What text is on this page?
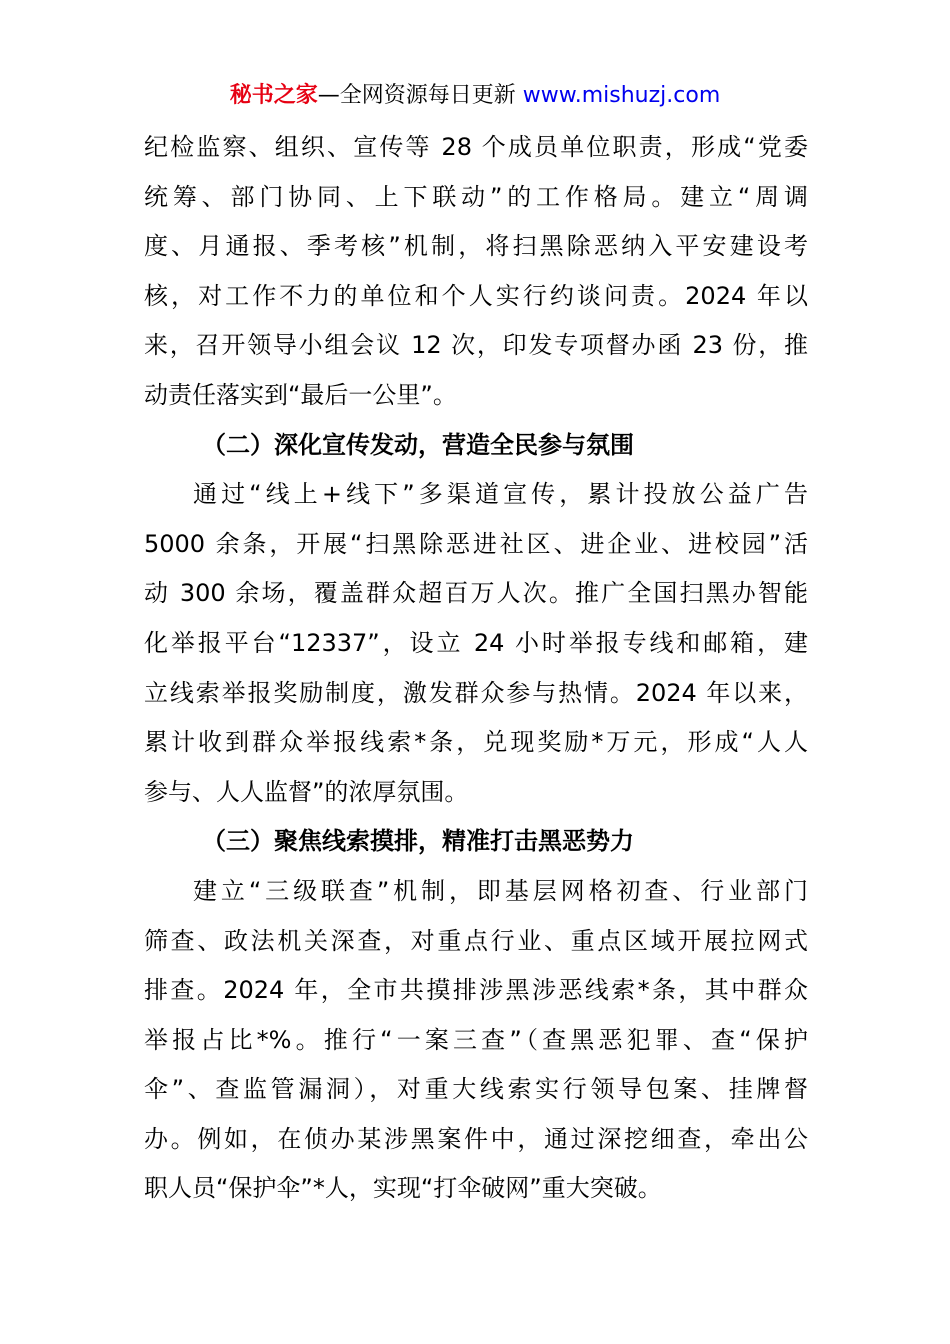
秘书之家—全网资源每日更新 www.mishuzj.com
纪检监察、组织、宣传等 28 个成员单位职责，形成“党委
统筹、部门协同、上下联动”的工作格局。建立“周调
度、月通报、季考核”机制，将扫黑除恶纳入平安建设考
核，对工作不力的单位和个人实行约谈问责。2024 年以
来，召开领导小组会议 12 次，印发专项督办函 23 份，推
动责任落实到“最后一公里”。
（二）深化宣传发动，营造全民参与氛围
通过“线上+线下”多渠道宣传，累计投放公益广告
5000 余条，开展“扫黑除恶进社区、进企业、进校园”活
动 300 余场，覆盖群众超百万人次。推广全国扫黑办智能
化举报平台“12337”，设立 24 小时举报专线和邮箱，建
立线索举报奖励制度，激发群众参与热情。2024 年以来，
累计收到群众举报线索*条，兑现奖励*万元，形成“人人
参与、人人监督”的浓厚氛围。
（三）聚焦线索摸排，精准打击黑恶势力
建立“三级联查”机制，即基层网格初查、行业部门
筛查、政法机关深查，对重点行业、重点区域开展拉网式
排查。2024 年，全市共摸排涉黑涉恶线索*条，其中群众
举报占比*%。推行“一案三查”（查黑恶犯罪、查“保护
伞”、查监管漏洞），对重大线索实行领导包案、挂牌督
办。例如，在侦办某涉黑案件中，通过深挖细查，牵出公
职人员“保护伞”*人，实现“打伞破网”重大突破。
